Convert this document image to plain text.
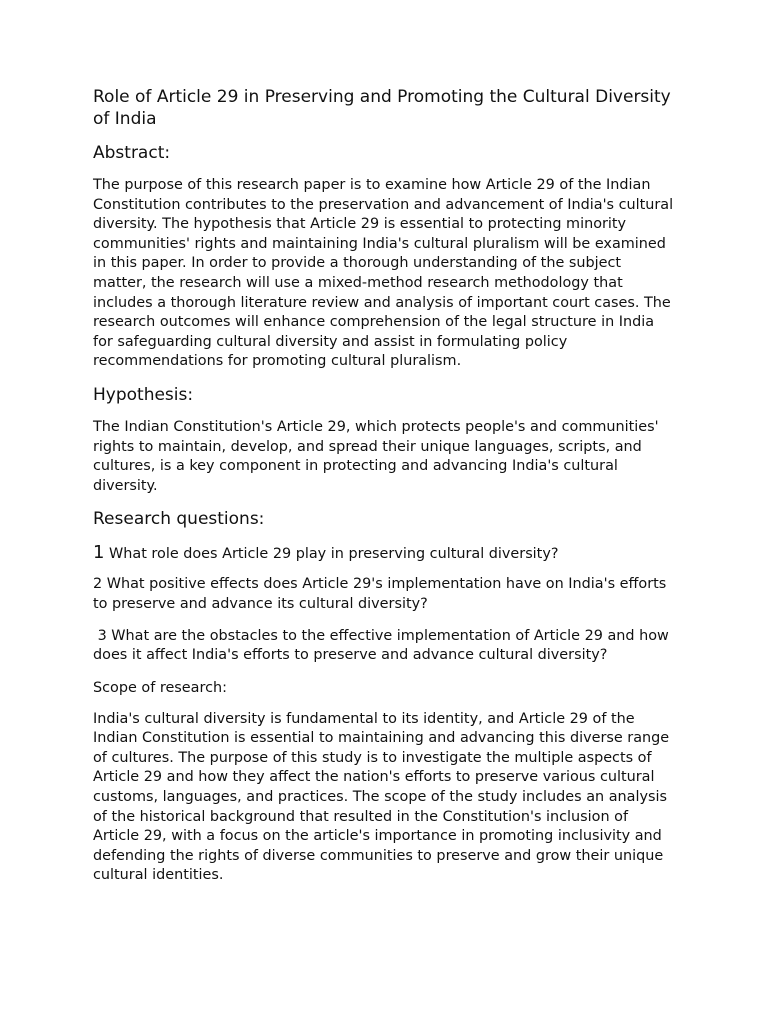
Role of Article 29 in Preserving and Promoting the Cultural Diversity of India
Abstract:

The purpose of this research paper is to examine how Article 29 of the Indian Constitution contributes to the preservation and advancement of India's cultural diversity. The hypothesis that Article 29 is essential to protecting minority communities' rights and maintaining India's cultural pluralism will be examined in this paper. In order to provide a thorough understanding of the subject matter, the research will use a mixed-method research methodology that includes a thorough literature review and analysis of important court cases. The research outcomes will enhance comprehension of the legal structure in India for safeguarding cultural diversity and assist in formulating policy recommendations for promoting cultural pluralism.

Hypothesis:

The Indian Constitution's Article 29, which protects people's and communities' rights to maintain, develop, and spread their unique languages, scripts, and cultures, is a key component in protecting and advancing India's cultural diversity.

Research questions:

1 What role does Article 29 play in preserving cultural diversity?

2 What positive effects does Article 29's implementation have on India's efforts to preserve and advance its cultural diversity?

3 What are the obstacles to the effective implementation of Article 29 and how does it affect India's efforts to preserve and advance cultural diversity?

Scope of research:

India's cultural diversity is fundamental to its identity, and Article 29 of the Indian Constitution is essential to maintaining and advancing this diverse range of cultures. The purpose of this study is to investigate the multiple aspects of Article 29 and how they affect the nation's efforts to preserve various cultural customs, languages, and practices. The scope of the study includes an analysis of the historical background that resulted in the Constitution's inclusion of Article 29, with a focus on the article's importance in promoting inclusivity and defending the rights of diverse communities to preserve and grow their unique cultural identities.
